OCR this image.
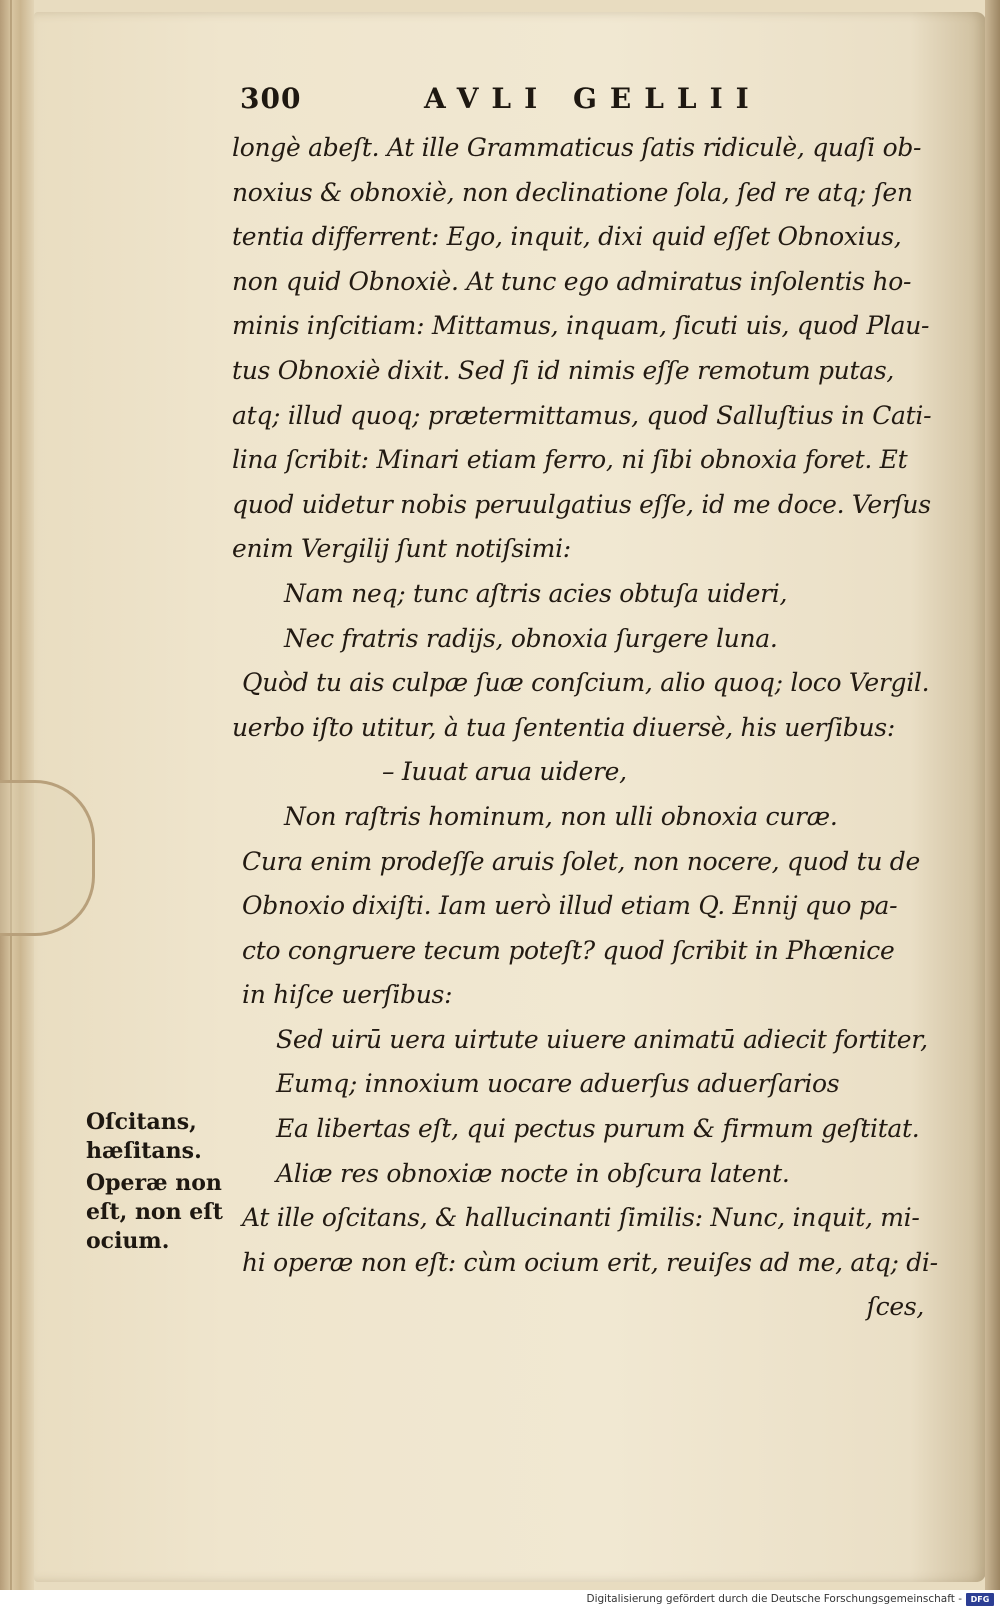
300	AVLI GELLII
longè abeſt. At ille Grammaticus ſatis ridiculè, quaſi ob-
noxius & obnoxiè, non declinatione ſola, ſed re atq; ſen
tentia differrent: Ego, inquit, dixi quid eſſet Obnoxius,
non quid Obnoxiè. At tunc ego admiratus inſolentis ho-
minis inſcitiam: Mittamus, inquam, ſicuti uis, quod Plau-
tus Obnoxiè dixit. Sed ſi id nimis eſſe remotum putas,
atq; illud quoq; prætermittamus, quod Salluſtius in Cati-
lina ſcribit: Minari etiam ferro, ni ſibi obnoxia foret. Et
quod uidetur nobis peruulgatius eſſe, id me doce. Verſus
enim Vergilij ſunt notiſsimi:
Nam neq; tunc aſtris acies obtuſa uideri,
Nec fratris radijs, obnoxia ſurgere luna.
Quòd tu ais culpæ ſuæ conſcium, alio quoq; loco Vergil.
uerbo iſto utitur, à tua ſententia diuersè, his uerſibus:
– Iuuat arua uidere,
Non raſtris hominum, non ulli obnoxia curæ.
Cura enim prodeſſe aruis ſolet, non nocere, quod tu de
Obnoxio dixiſti. Iam uerò illud etiam Q. Ennij quo pa-
cto congruere tecum poteſt? quod ſcribit in Phœnice
in hiſce uerſibus:
Sed uirū uera uirtute uiuere animatū adiecit fortiter,
Eumq; innoxium uocare aduerſus aduerſarios
Ea libertas eſt, qui pectus purum & firmum geſtitat.
Aliæ res obnoxiæ nocte in obſcura latent.
At ille oſcitans, & hallucinanti ſimilis: Nunc, inquit, mi-
hi operæ non eſt: cùm ocium erit, reuiſes ad me, atq; di-
ſces,
Oſcitans,
hæſitans.
Operæ non
eſt, non eſt
ocium.
Digitalisierung gefördert durch die Deutsche Forschungsgemeinschaft -	DFG
